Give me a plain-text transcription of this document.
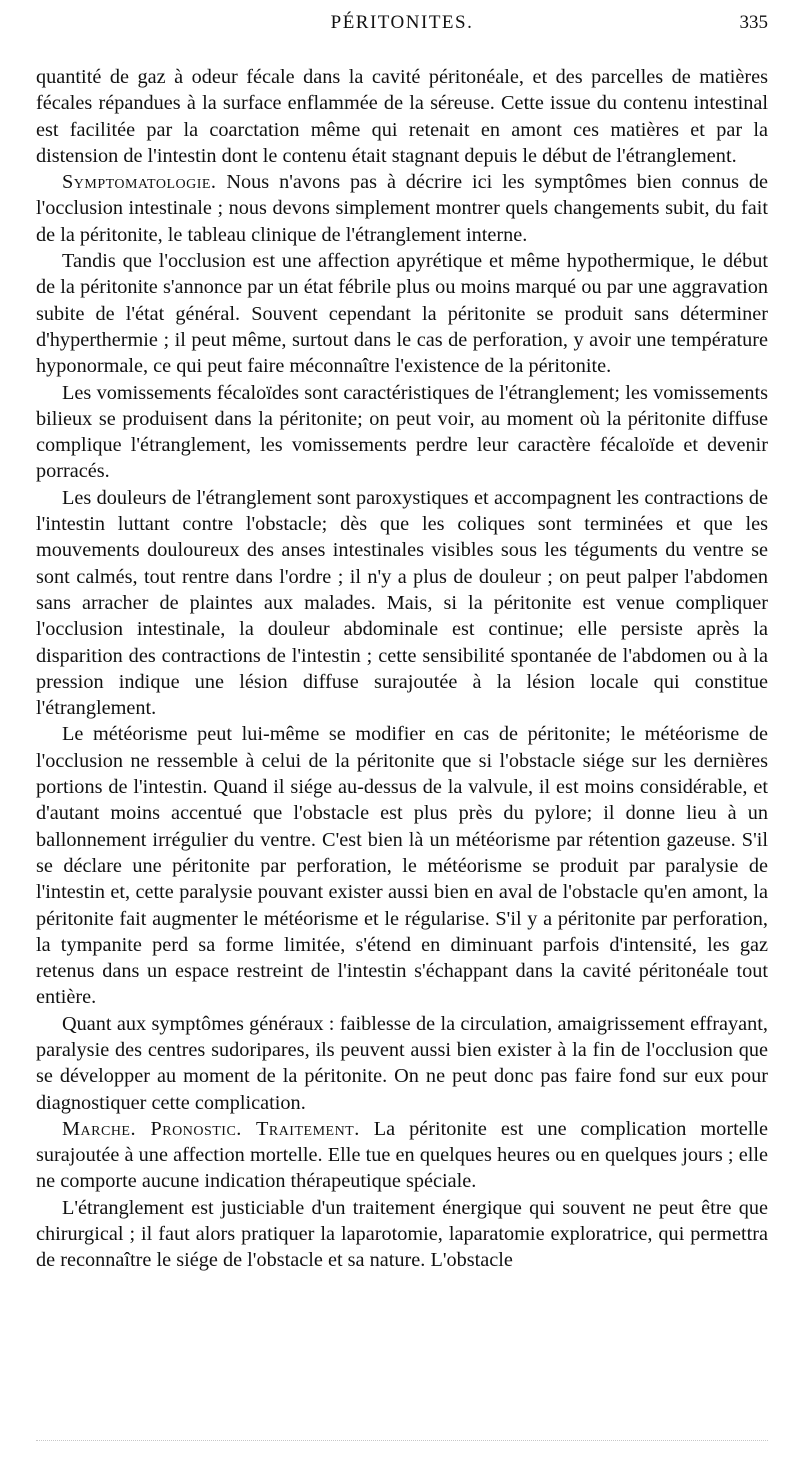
PÉRITONITES.	335

quantité de gaz à odeur fécale dans la cavité péritonéale, et des parcelles de matières fécales répandues à la surface enflammée de la séreuse. Cette issue du contenu intestinal est facilitée par la coarctation même qui retenait en amont ces matières et par la distension de l'intestin dont le contenu était stagnant depuis le début de l'étranglement.

Symptomatologie. Nous n'avons pas à décrire ici les symptômes bien connus de l'occlusion intestinale ; nous devons simplement montrer quels changements subit, du fait de la péritonite, le tableau clinique de l'étranglement interne.

Tandis que l'occlusion est une affection apyrétique et même hypothermique, le début de la péritonite s'annonce par un état fébrile plus ou moins marqué ou par une aggravation subite de l'état général. Souvent cependant la péritonite se produit sans déterminer d'hyperthermie ; il peut même, surtout dans le cas de perforation, y avoir une température hyponormale, ce qui peut faire méconnaître l'existence de la péritonite.

Les vomissements fécaloïdes sont caractéristiques de l'étranglement; les vomissements bilieux se produisent dans la péritonite; on peut voir, au moment où la péritonite diffuse complique l'étranglement, les vomissements perdre leur caractère fécaloïde et devenir porracés.

Les douleurs de l'étranglement sont paroxystiques et accompagnent les contractions de l'intestin luttant contre l'obstacle; dès que les coliques sont terminées et que les mouvements douloureux des anses intestinales visibles sous les téguments du ventre se sont calmés, tout rentre dans l'ordre ; il n'y a plus de douleur ; on peut palper l'abdomen sans arracher de plaintes aux malades. Mais, si la péritonite est venue compliquer l'occlusion intestinale, la douleur abdominale est continue; elle persiste après la disparition des contractions de l'intestin ; cette sensibilité spontanée de l'abdomen ou à la pression indique une lésion diffuse surajoutée à la lésion locale qui constitue l'étranglement.

Le météorisme peut lui-même se modifier en cas de péritonite; le météorisme de l'occlusion ne ressemble à celui de la péritonite que si l'obstacle siége sur les dernières portions de l'intestin. Quand il siége au-dessus de la valvule, il est moins considérable, et d'autant moins accentué que l'obstacle est plus près du pylore; il donne lieu à un ballonnement irrégulier du ventre. C'est bien là un météorisme par rétention gazeuse. S'il se déclare une péritonite par perforation, le météorisme se produit par paralysie de l'intestin et, cette paralysie pouvant exister aussi bien en aval de l'obstacle qu'en amont, la péritonite fait augmenter le météorisme et le régularise. S'il y a péritonite par perforation, la tympanite perd sa forme limitée, s'étend en diminuant parfois d'intensité, les gaz retenus dans un espace restreint de l'intestin s'échappant dans la cavité péritonéale tout entière.

Quant aux symptômes généraux : faiblesse de la circulation, amaigrissement effrayant, paralysie des centres sudoripares, ils peuvent aussi bien exister à la fin de l'occlusion que se développer au moment de la péritonite. On ne peut donc pas faire fond sur eux pour diagnostiquer cette complication.

Marche. Pronostic. Traitement. La péritonite est une complication mortelle surajoutée à une affection mortelle. Elle tue en quelques heures ou en quelques jours ; elle ne comporte aucune indication thérapeutique spéciale.

L'étranglement est justiciable d'un traitement énergique qui souvent ne peut être que chirurgical ; il faut alors pratiquer la laparotomie, laparatomie exploratrice, qui permettra de reconnaître le siége de l'obstacle et sa nature. L'obstacle
